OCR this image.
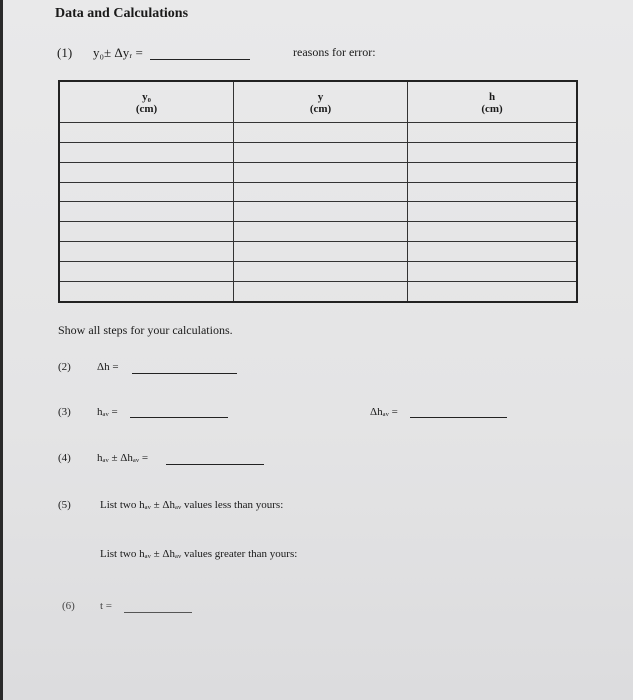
Data and Calculations
(1) y₀± Δyᵣ =	reasons for error:
y₀	y	h
(cm)	(cm)	(cm)

Show all steps for your calculations.
(2) Δh =
(3) hₐᵥ =	Δhₐᵥ =
(4) hₐᵥ ± Δhₐᵥ =
(5)	List two hₐᵥ ± Δhₐᵥ values less than yours:
List two hₐᵥ ± Δhₐᵥ values greater than yours:
(6) t =
